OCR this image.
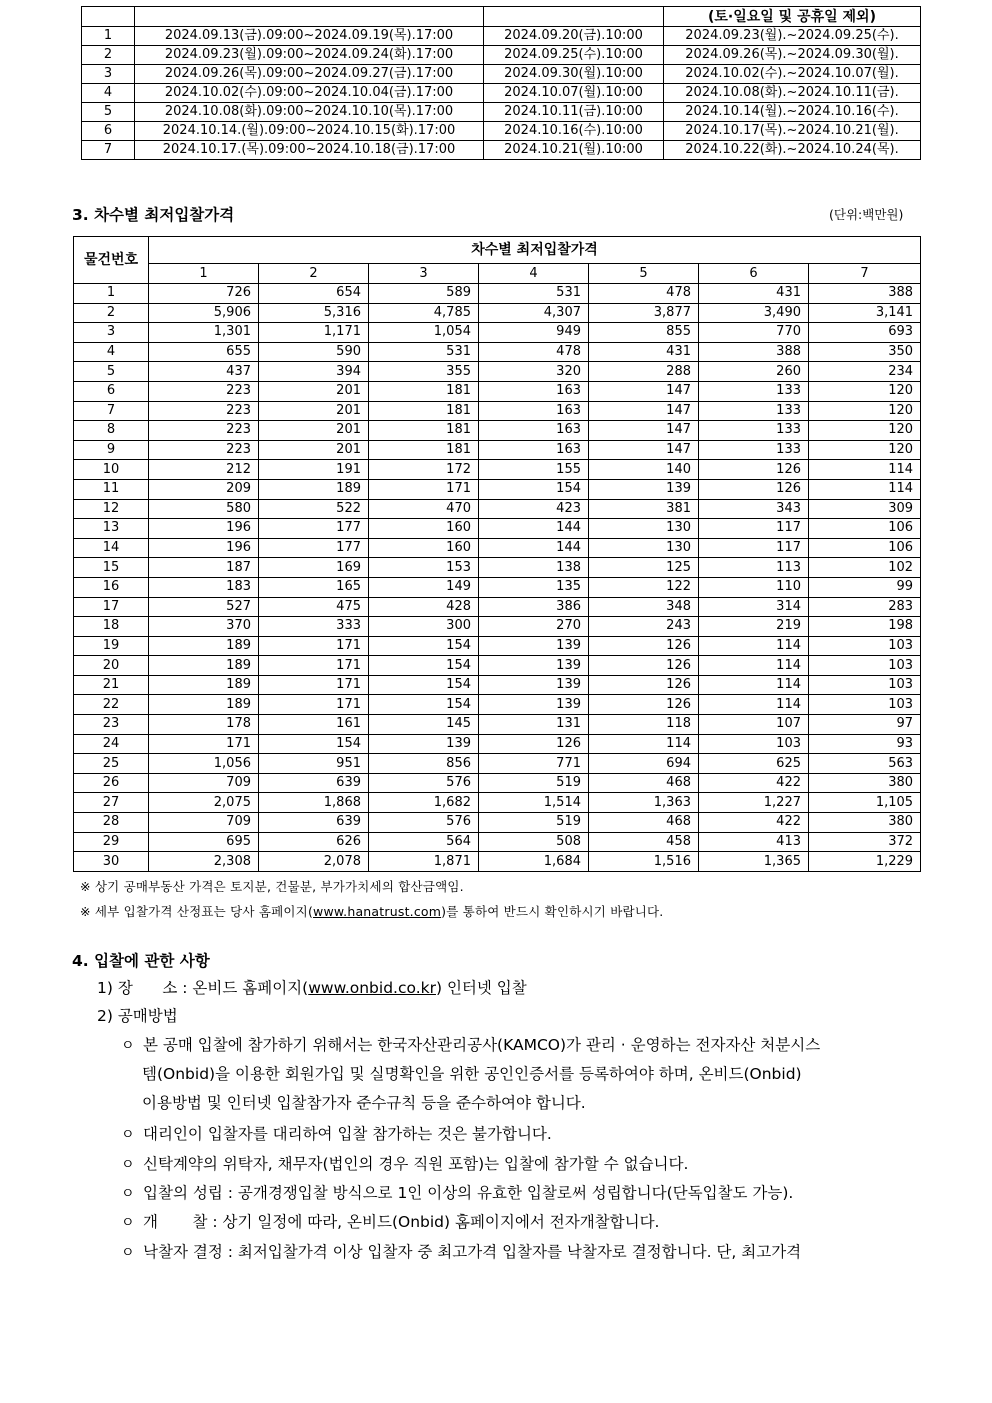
			(토·일요일 및 공휴일 제외)
1	2024.09.13(금).09:00~2024.09.19(목).17:00	2024.09.20(금).10:00	2024.09.23(월).~2024.09.25(수).
2	2024.09.23(월).09:00~2024.09.24(화).17:00	2024.09.25(수).10:00	2024.09.26(목).~2024.09.30(월).
3	2024.09.26(목).09:00~2024.09.27(금).17:00	2024.09.30(월).10:00	2024.10.02(수).~2024.10.07(월).
4	2024.10.02(수).09:00~2024.10.04(금).17:00	2024.10.07(월).10:00	2024.10.08(화).~2024.10.11(금).
5	2024.10.08(화).09:00~2024.10.10(목).17:00	2024.10.11(금).10:00	2024.10.14(월).~2024.10.16(수).
6	2024.10.14.(월).09:00~2024.10.15(화).17:00	2024.10.16(수).10:00	2024.10.17(목).~2024.10.21(월).
7	2024.10.17.(목).09:00~2024.10.18(금).17:00	2024.10.21(월).10:00	2024.10.22(화).~2024.10.24(목).
3. 차수별 최저입찰가격	(단위:백만원)
물건번호	차수별 최저입찰가격						
	1	2	3	4	5	6	7
1	726	654	589	531	478	431	388
2	5,906	5,316	4,785	4,307	3,877	3,490	3,141
3	1,301	1,171	1,054	949	855	770	693
4	655	590	531	478	431	388	350
5	437	394	355	320	288	260	234
6	223	201	181	163	147	133	120
7	223	201	181	163	147	133	120
8	223	201	181	163	147	133	120
9	223	201	181	163	147	133	120
10	212	191	172	155	140	126	114
11	209	189	171	154	139	126	114
12	580	522	470	423	381	343	309
13	196	177	160	144	130	117	106
14	196	177	160	144	130	117	106
15	187	169	153	138	125	113	102
16	183	165	149	135	122	110	99
17	527	475	428	386	348	314	283
18	370	333	300	270	243	219	198
19	189	171	154	139	126	114	103
20	189	171	154	139	126	114	103
21	189	171	154	139	126	114	103
22	189	171	154	139	126	114	103
23	178	161	145	131	118	107	97
24	171	154	139	126	114	103	93
25	1,056	951	856	771	694	625	563
26	709	639	576	519	468	422	380
27	2,075	1,868	1,682	1,514	1,363	1,227	1,105
28	709	639	576	519	468	422	380
29	695	626	564	508	458	413	372
30	2,308	2,078	1,871	1,684	1,516	1,365	1,229
※ 상기 공매부동산 가격은 토지분, 건물분, 부가가치세의 합산금액임.
※ 세부 입찰가격 산정표는 당사 홈페이지(www.hanatrust.com)를 통하여 반드시 확인하시기 바랍니다.
4. 입찰에 관한 사항
1) 장      소 : 온비드 홈페이지(www.onbid.co.kr) 인터넷 입찰
2) 공매방법
ㅇ 본 공매 입찰에 참가하기 위해서는 한국자산관리공사(KAMCO)가 관리 · 운영하는 전자자산 처분시스
템(Onbid)을 이용한 회원가입 및 실명확인을 위한 공인인증서를 등록하여야 하며, 온비드(Onbid)
이용방법 및 인터넷 입찰참가자 준수규칙 등을 준수하여야 합니다.
ㅇ 대리인이 입찰자를 대리하여 입찰 참가하는 것은 불가합니다.
ㅇ 신탁계약의 위탁자, 채무자(법인의 경우 직원 포함)는 입찰에 참가할 수 없습니다.
ㅇ 입찰의 성립 : 공개경쟁입찰 방식으로 1인 이상의 유효한 입찰로써 성립합니다(단독입찰도 가능).
ㅇ 개       찰 : 상기 일정에 따라, 온비드(Onbid) 홈페이지에서 전자개찰합니다.
ㅇ 낙찰자 결정 : 최저입찰가격 이상 입찰자 중 최고가격 입찰자를 낙찰자로 결정합니다. 단, 최고가격
